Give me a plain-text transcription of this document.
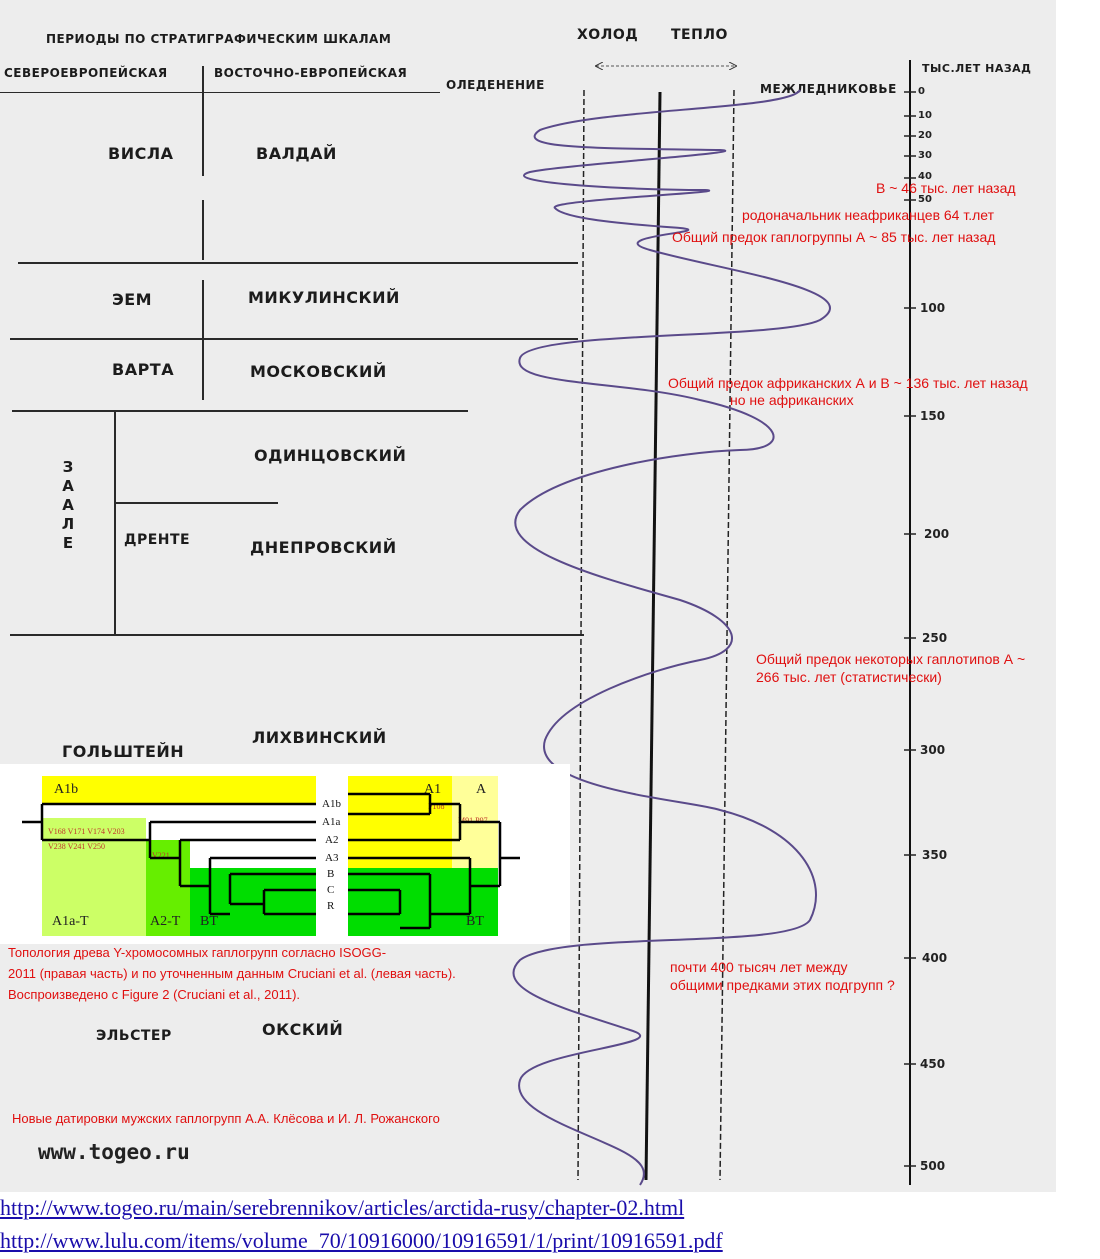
ПЕРИОДЫ ПО СТРАТИГРАФИЧЕСКИМ ШКАЛАМ
СЕВЕРОЕВРОПЕЙСКАЯ	ВОСТОЧНО-ЕВРОПЕЙСКАЯ
ОЛЕДЕНЕНИЕ
ХОЛОД ТЕПЛО
МЕЖЛЕДНИКОВЬЕ
ТЫС.ЛЕТ НАЗАД
ВИСЛА	ВАЛДАЙ
ЭЕМ	МИКУЛИНСКИЙ
ВАРТА	МОСКОВСКИЙ
З
А
А
Л
Е
ОДИНЦОВСКИЙ
ДРЕНТЕ	ДНЕПРОВСКИЙ
ГОЛЬШТЕЙН
ЛИХВИНСКИЙ
ЭЛЬСТЕР	ОКСКИЙ
0
10
20
30
40
50
100
150
200
250
300
350
400
450
500
В ~ 46 тыс. лет назад
родоначальник неафриканцев 64 т.лет
Общий предок гаплогруппы А ~ 85 тыс. лет назад
Общий предок африканских А и В ~ 136 тыс. лет назад
но не африканских
Общий предок некоторых гаплотипов А ~
266 тыс. лет (статистически)
почти 400 тысяч лет между
общими предками этих подгрупп ?
A1b
A1a-T	A2-T BT
A1 A
BT
V168 V171 V174 V203
V238 V241 V250
V221
P108
M91 P97
A1b
A1a
A2
A3
B
C
R
Топология древа Y-хромосомных гаплогрупп согласно ISOGG-
2011 (правая часть) и по уточненным данным Cruciani et al. (левая часть).
Воспроизведено с Figure 2 (Cruciani et al., 2011).
Новые датировки мужских гаплогрупп А.А. Клёсова и И. Л. Рожанского
www.togeo.ru
http://www.togeo.ru/main/serebrennikov/articles/arctida-rusy/chapter-02.html
http://www.lulu.com/items/volume_70/10916000/10916591/1/print/10916591.pdf
